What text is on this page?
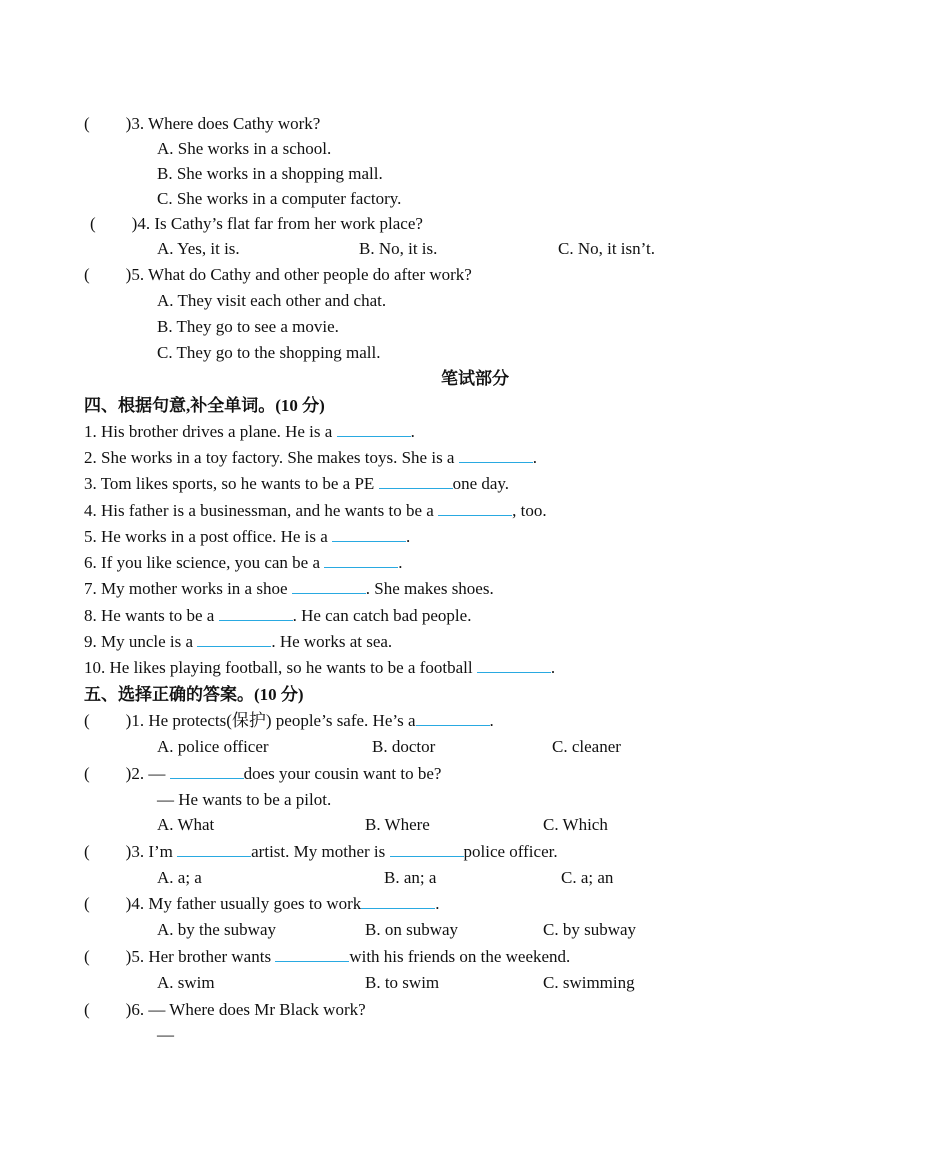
( )3. Where does Cathy work?
A. She works in a school.
B. She works in a shopping mall.
C. She works in a computer factory.
( )4. Is Cathy’s flat far from her work place?
A. Yes, it is.	B. No, it is.	C. No, it isn’t.
( )5. What do Cathy and other people do after work?
A. They visit each other and chat.
B. They go to see a movie.
C. They go to the shopping mall.
笔试部分
四、根据句意,补全单词。(10 分)
1. His brother drives a plane. He is a	.
2. She works in a toy factory. She makes toys. She is a	.
3. Tom likes sports, so he wants to be a PE	one day.
4. His father is a businessman, and he wants to be a	, too.
5. He works in a post office. He is a	.
6. If you like science, you can be a	.
7. My mother works in a shoe	. She makes shoes.
8. He wants to be a	. He can catch bad people.
9. My uncle is a	. He works at sea.
10. He likes playing football, so he wants to be a football	.
五、选择正确的答案。(10 分)
( )1. He protects(保护) people’s safe. He’s a	.
A. police officer	B. doctor	C. cleaner
( )2. —	does your cousin want to be?
— He wants to be a pilot.
A. What	B. Where	C. Which
( )3. I’m	artist. My mother is	police officer.
A. a; a	B. an; a	C. a; an
( )4. My father usually goes to work	.
A. by the subway	B. on subway	C. by subway
( )5. Her brother wants	with his friends on the weekend.
A. swim	B. to swim	C. swimming
( )6. — Where does Mr Black work?
—
